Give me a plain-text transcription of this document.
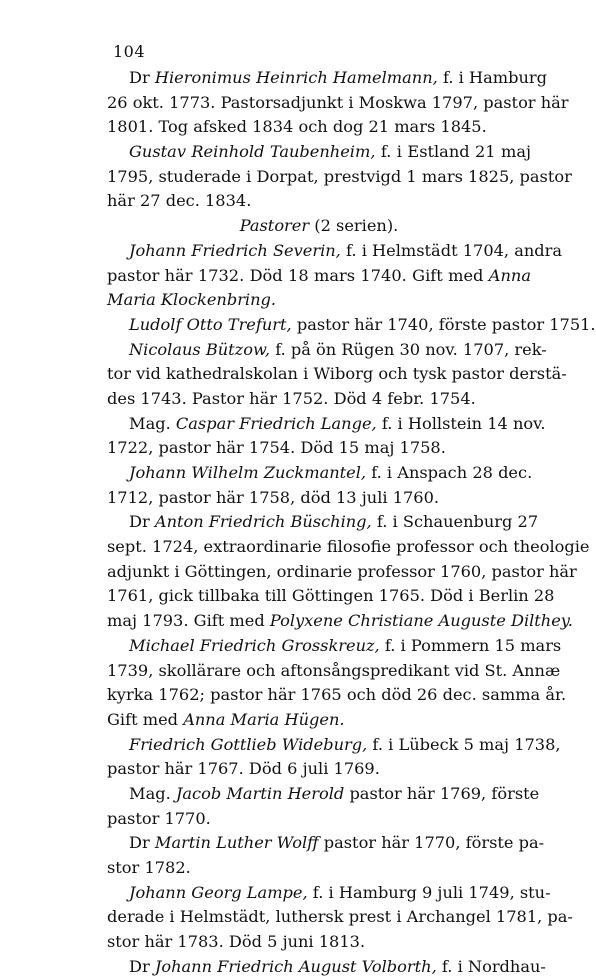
104
Dr Hieronimus Heinrich Hamelmann, f. i Hamburg
26 okt. 1773. Pastorsadjunkt i Moskwa 1797, pastor här
1801. Tog afsked 1834 och dog 21 mars 1845.
Gustav Reinhold Taubenheim, f. i Estland 21 maj
1795, studerade i Dorpat, prestvigd 1 mars 1825, pastor
här 27 dec. 1834.
Pastorer (2 serien).
Johann Friedrich Severin, f. i Helmstädt 1704, andra
pastor här 1732. Död 18 mars 1740. Gift med Anna
Maria Klockenbring.
Ludolf Otto Trefurt, pastor här 1740, förste pastor 1751.
Nicolaus Bützow, f. på ön Rügen 30 nov. 1707, rek-
tor vid kathedralskolan i Wiborg och tysk pastor derstä-
des 1743. Pastor här 1752. Död 4 febr. 1754.
Mag. Caspar Friedrich Lange, f. i Hollstein 14 nov.
1722, pastor här 1754. Död 15 maj 1758.
Johann Wilhelm Zuckmantel, f. i Anspach 28 dec.
1712, pastor här 1758, död 13 juli 1760.
Dr Anton Friedrich Büsching, f. i Schauenburg 27
sept. 1724, extraordinarie filosofie professor och theologie
adjunkt i Göttingen, ordinarie professor 1760, pastor här
1761, gick tillbaka till Göttingen 1765. Död i Berlin 28
maj 1793. Gift med Polyxene Christiane Auguste Dilthey.
Michael Friedrich Grosskreuz, f. i Pommern 15 mars
1739, skollärare och aftonsångspredikant vid St. Annæ
kyrka 1762; pastor här 1765 och död 26 dec. samma år.
Gift med Anna Maria Hügen.
Friedrich Gottlieb Wideburg, f. i Lübeck 5 maj 1738,
pastor här 1767. Död 6 juli 1769.
Mag. Jacob Martin Herold pastor här 1769, förste
pastor 1770.
Dr Martin Luther Wolff pastor här 1770, förste pa-
stor 1782.
Johann Georg Lampe, f. i Hamburg 9 juli 1749, stu-
derade i Helmstädt, luthersk prest i Archangel 1781, pa-
stor här 1783. Död 5 juni 1813.
Dr Johann Friedrich August Volborth, f. i Nordhau-
